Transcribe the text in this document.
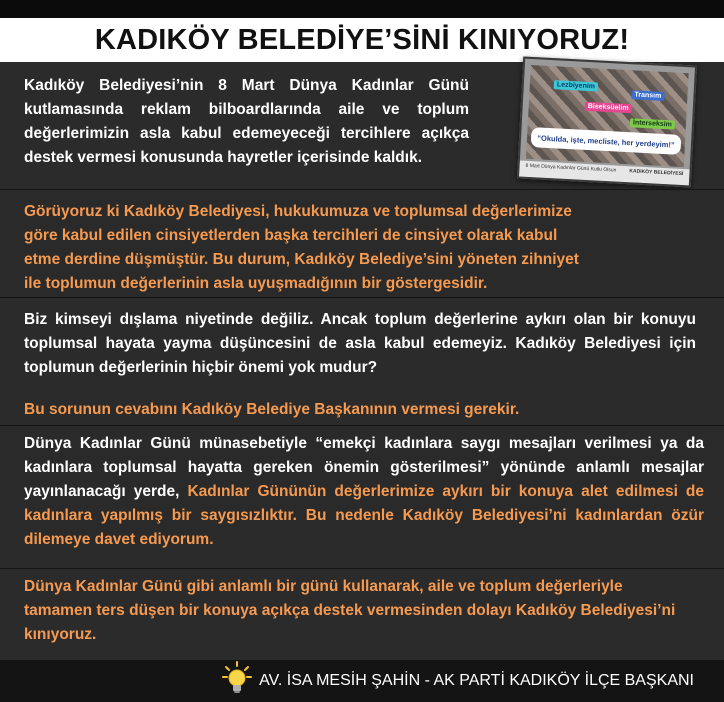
KADIKÖY BELEDİYE’SİNİ KINIYORUZ!
Kadıköy Belediyesi’nin 8 Mart Dünya Kadınlar Günü kutlamasında reklam bilboardlarında aile ve toplum değerlerimizin asla kabul edemeyeceği tercihlere açıkça destek vermesi konusunda hayretler içerisinde kaldık.
Lezbiyenim
Transım
Biseksüelim
İnterseksim
“Okulda, işte, mecliste, her yerdeyim!”
8 Mart Dünya Kadınlar Günü Kutlu Olsun	KADIKÖY BELEDİYESİ
Görüyoruz ki Kadıköy Belediyesi, hukukumuza ve toplumsal değerlerimize göre kabul edilen cinsiyetlerden başka tercihleri de cinsiyet olarak kabul etme derdine düşmüştür. Bu durum, Kadıköy Belediye’sini yöneten zihniyet ile toplumun değerlerinin asla uyuşmadığının bir göstergesidir.
Biz kimseyi dışlama niyetinde değiliz. Ancak toplum değerlerine aykırı olan bir konuyu toplumsal hayata yayma düşüncesini de asla kabul edemeyiz. Kadıköy Belediyesi için toplumun değerlerinin hiçbir önemi yok mudur?
Bu sorunun cevabını Kadıköy Belediye Başkanının vermesi gerekir.
Dünya Kadınlar Günü münasebetiyle “emekçi kadınlara saygı mesajları verilmesi ya da kadınlara toplumsal hayatta gereken önemin gösterilmesi” yönünde anlamlı mesajlar yayınlanacağı yerde, Kadınlar Gününün değerlerimize aykırı bir konuya alet edilmesi de kadınlara yapılmış bir saygısızlıktır. Bu nedenle Kadıköy Belediyesi’ni kadınlardan özür dilemeye davet ediyorum.
Dünya Kadınlar Günü gibi anlamlı bir günü kullanarak, aile ve toplum değerleriyle tamamen ters düşen bir konuya açıkça destek vermesinden dolayı Kadıköy Belediyesi’ni kınıyoruz.
AV. İSA MESİH ŞAHİN - AK PARTİ KADIKÖY İLÇE BAŞKANI
